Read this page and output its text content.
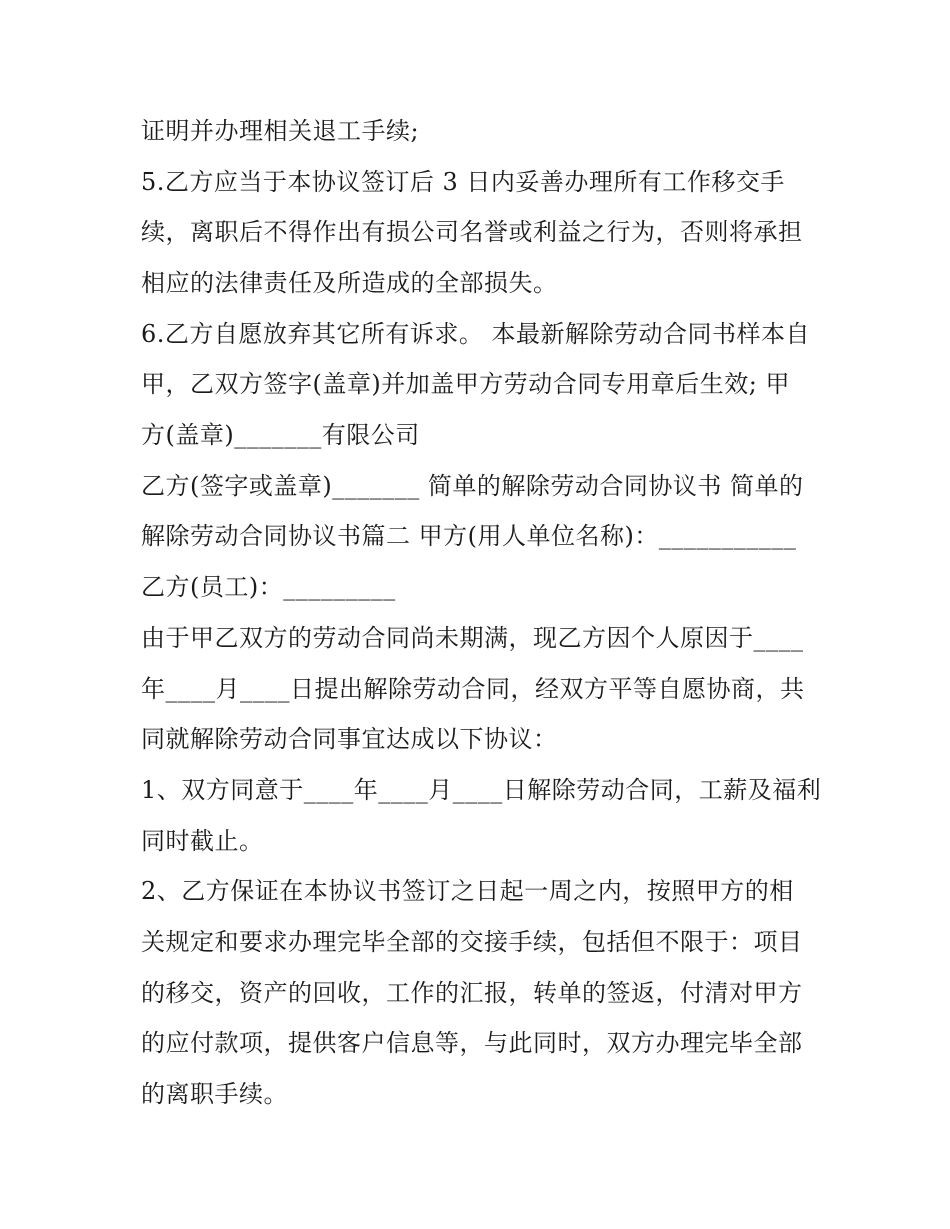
证明并办理相关退工手续;
5.乙方应当于本协议签订后 3 日内妥善办理所有工作移交手
续，离职后不得作出有损公司名誉或利益之行为，否则将承担
相应的法律责任及所造成的全部损失。
6.乙方自愿放弃其它所有诉求。 本最新解除劳动合同书样本自
甲，乙双方签字(盖章)并加盖甲方劳动合同专用章后生效; 甲
方(盖章)_______有限公司
乙方(签字或盖章)_______ 简单的解除劳动合同协议书 简单的
解除劳动合同协议书篇二 甲方(用人单位名称)：___________
乙方(员工)：_________
由于甲乙双方的劳动合同尚未期满，现乙方因个人原因于____
年____月____日提出解除劳动合同，经双方平等自愿协商，共
同就解除劳动合同事宜达成以下协议：
1、双方同意于____年____月____日解除劳动合同，工薪及福利
同时截止。
2、乙方保证在本协议书签订之日起一周之内，按照甲方的相
关规定和要求办理完毕全部的交接手续，包括但不限于：项目
的移交，资产的回收，工作的汇报，转单的签返，付清对甲方
的应付款项，提供客户信息等，与此同时，双方办理完毕全部
的离职手续。
